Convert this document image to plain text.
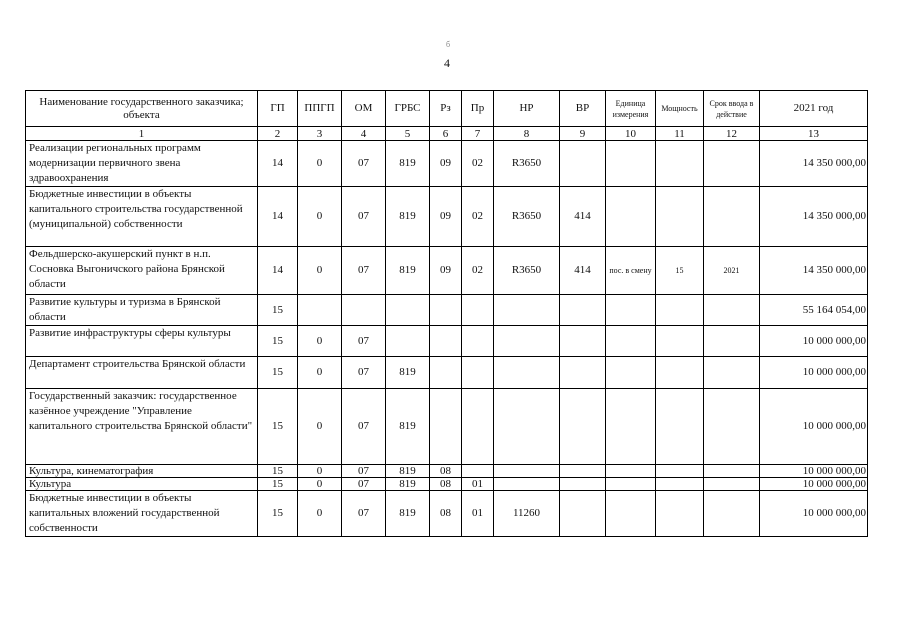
б
4
Наименование государственного заказчика; объекта	ГП	ППГП	ОМ	ГРБС	Рз	Пр	НР	ВР	Единица измерения	Мощность	Срок ввода в действие	2021 год
1	2	3	4	5	6	7	8	9	10	11	12	13
Реализации региональных программ модернизации первичного звена здравоохранения	14	0	07	819	09	02	R3650					14 350 000,00
Бюджетные инвестиции в объекты капитального строительства государственной (муниципальной) собственности	14	0	07	819	09	02	R3650	414				14 350 000,00
Фельдшерско-акушерский пункт в н.п. Сосновка Выгоничского района Брянской области	14	0	07	819	09	02	R3650	414	пос. в смену	15	2021	14 350 000,00
Развитие культуры и туризма в Брянской области	15											55 164 054,00
Развитие инфраструктуры сферы культуры	15	0	07									10 000 000,00
Департамент строительства Брянской области	15	0	07	819								10 000 000,00
Государственный заказчик: государственное казённое учреждение "Управление капитального строительства Брянской области"	15	0	07	819								10 000 000,00
Культура, кинематография	15	0	07	819	08							10 000 000,00
Культура	15	0	07	819	08	01						10 000 000,00
Бюджетные инвестиции в объекты капитальных вложений государственной собственности	15	0	07	819	08	01	11260					10 000 000,00
